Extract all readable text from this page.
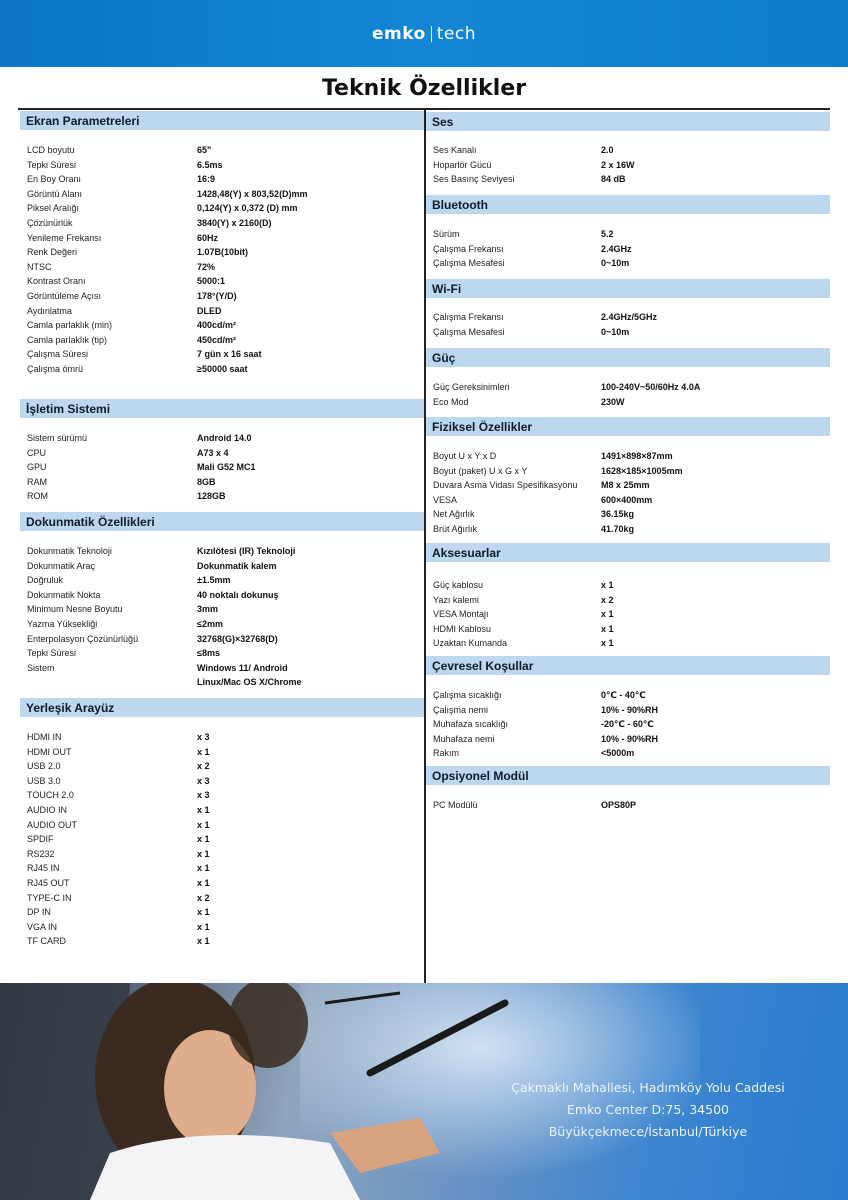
emko tech
Teknik Özellikler
Ekran Parametreleri
LCD boyutu	65"
Tepki Süresi	6.5ms
En Boy Oranı	16:9
Görüntü Alanı	1428,48(Y) x 803,52(D)mm
Piksel Aralığı	0,124(Y) x 0,372 (D) mm
Çözünürlük	3840(Y) x 2160(D)
Yenileme Frekansı	60Hz
Renk Değeri	1.07B(10bit)
NTSC	72%
Kontrast Oranı	5000:1
Görüntüleme Açısı	178°(Y/D)
Aydınlatma	DLED
Camla parlaklık (min)	400cd/m²
Camla parlaklık (tip)	450cd/m²
Çalışma Süresi	7 gün x 16 saat
Çalışma ömrü	≥50000 saat
İşletim Sistemi
Sistem sürümü	Android 14.0
CPU	A73 x 4
GPU	Mali G52 MC1
RAM	8GB
ROM	128GB
Dokunmatik Özellikleri
Dokunmatik Teknoloji	Kızılötesi (IR) Teknoloji
Dokunmatik Araç	Dokunmatik kalem
Doğruluk	±1.5mm
Dokunmatik Nokta	40 noktalı dokunuş
Minimum Nesne Boyutu	3mm
Yazma Yüksekliği	≤2mm
Enterpolasyon Çözünürlüğü	32768(G)×32768(D)
Tepki Süresi	≤8ms
Sistem	Windows 11/ Android
Linux/Mac OS X/Chrome
Yerleşik Arayüz
HDMI IN	x 3
HDMI OUT	x 1
USB 2.0	x 2
USB 3.0	x 3
TOUCH 2.0	x 3
AUDIO IN	x 1
AUDIO OUT	x 1
SPDIF	x 1
RS232	x 1
RJ45 IN	x 1
RJ45 OUT	x 1
TYPE-C IN	x 2
DP IN	x 1
VGA IN	x 1
TF CARD	x 1
Ses
Ses Kanalı	2.0
Hoparlör Gücü	2 x 16W
Ses Basınç Seviyesi	84 dB
Bluetooth
Sürüm	5.2
Çalışma Frekansı	2.4GHz
Çalışma Mesafesi	0~10m
Wi-Fi
Çalışma Frekansı	2.4GHz/5GHz
Çalışma Mesafesi	0~10m
Güç
Güç Gereksinimleri	100-240V~50/60Hz 4.0A
Eco Mod	230W
Fiziksel Özellikler
Boyut U x Y x D	1491×898×87mm
Boyut (paket) U x G x Y	1628×185×1005mm
Duvara Asma Vidası Spesifikasyonu	M8 x 25mm
VESA	600×400mm
Net Ağırlık	36.15kg
Brüt Ağırlık	41.70kg
Aksesuarlar
Güç kablosu	x 1
Yazı kalemi	x 2
VESA Montajı	x 1
HDMI Kablosu	x 1
Uzaktan Kumanda	x 1
Çevresel Koşullar
Çalışma sıcaklığı	0℃ - 40℃
Çalışma nemi	10% - 90%RH
Muhafaza sıcaklığı	-20℃ - 60℃
Muhafaza nemi	10% - 90%RH
Rakım	<5000m
Opsiyonel Modül
PC Modülü	OPS80P
Çakmaklı Mahallesi, Hadımköy Yolu Caddesi
Emko Center D:75, 34500
Büyükçekmece/İstanbul/Türkiye
